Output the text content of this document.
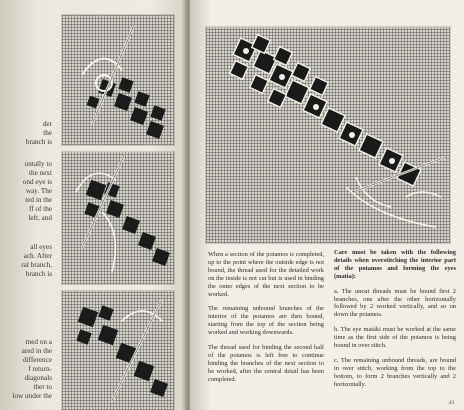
der
the
branch is
ontally to
the next
ond eye is
way. The
ted in the
ff of the
left, and
all eyes
ach. After
ral branch,
branch is
med on a
ared in the
difference
f return-
diagonals
ther to
low under the

When a section of the potamos is completed, up to the point where the outside edge is not bound, the thread used for the detailed work on the inside is not cut but is used in binding the outer edges of the next section to be worked.

The remaining unbound branches of the interior of the potamos are then bound, starting from the top of the section being worked and working downwards.

The thread used for binding the second half of the potamos is left free to continue binding the branches of the next section to be worked, after the central detail has been completed.

Care must be taken with the following details when overstitching the interior part of the potamos and forming the eyes (matia):

a. The uncut threads must be bound first 2 branches, one after the other horizontally followed by 2 worked vertically, and so on down the potamos.

b. The eye matáki must be worked at the same time as the first side of the potamos is being bound in over stitch.

c. The remaining unbound threads, are bound in over stitch, working from the top to the bottom, to form 2 branches vertically and 2 horizontally.

43
